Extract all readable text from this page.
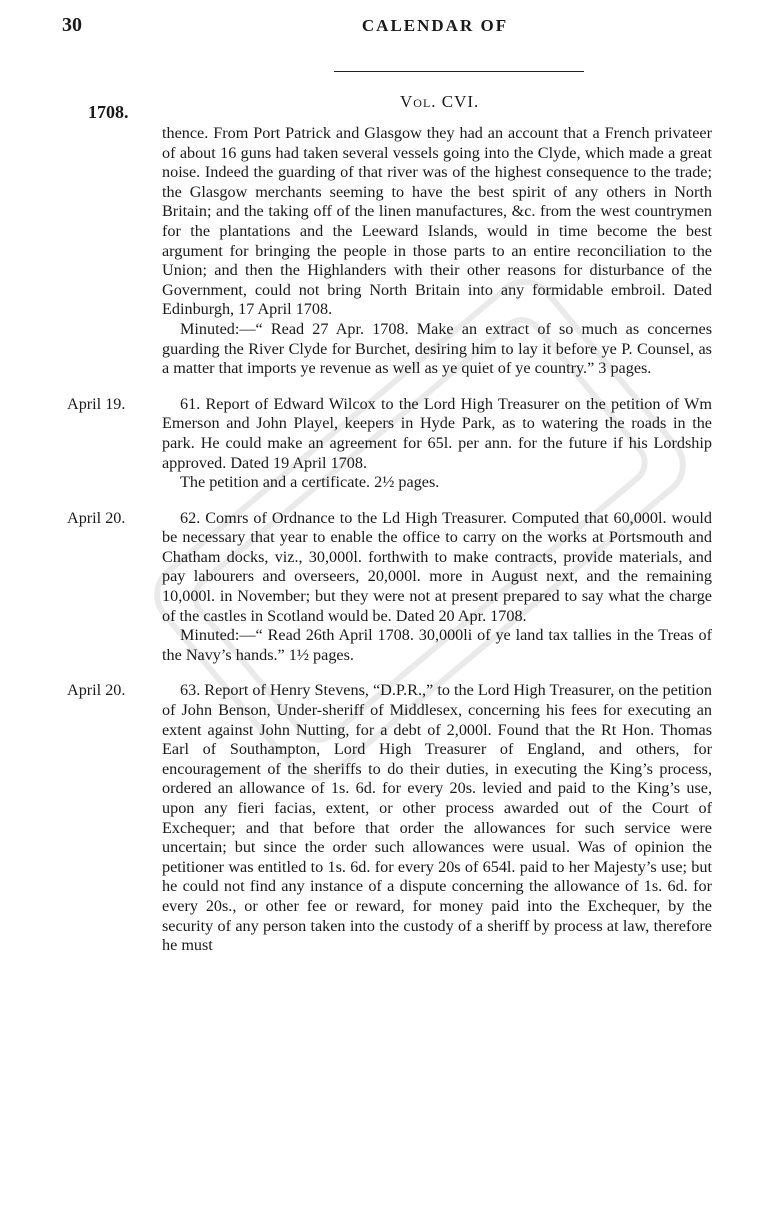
30	CALENDAR OF
1708.
Vol. CVI.

thence. From Port Patrick and Glasgow they had an account that a French privateer of about 16 guns had taken several vessels going into the Clyde, which made a great noise. Indeed the guarding of that river was of the highest consequence to the trade; the Glasgow merchants seeming to have the best spirit of any others in North Britain; and the taking off of the linen manufactures, &c. from the west countrymen for the plantations and the Leeward Islands, would in time become the best argument for bringing the people in those parts to an entire reconciliation to the Union; and then the Highlanders with their other reasons for disturbance of the Government, could not bring North Britain into any formidable embroil. Dated Edinburgh, 17 April 1708.

Minuted:—“ Read 27 Apr. 1708. Make an extract of so much as concernes guarding the River Clyde for Burchet, desiring him to lay it before ye P. Counsel, as a matter that imports ye revenue as well as ye quiet of ye country.” 3 pages.

April 19.	61. Report of Edward Wilcox to the Lord High Treasurer on the petition of Wm Emerson and John Playel, keepers in Hyde Park, as to watering the roads in the park. He could make an agreement for 65l. per ann. for the future if his Lordship approved. Dated 19 April 1708.

The petition and a certificate. 2½ pages.

April 20.	62. Comrs of Ordnance to the Ld High Treasurer. Computed that 60,000l. would be necessary that year to enable the office to carry on the works at Portsmouth and Chatham docks, viz., 30,000l. forthwith to make contracts, provide materials, and pay labourers and overseers, 20,000l. more in August next, and the remaining 10,000l. in November; but they were not at present prepared to say what the charge of the castles in Scotland would be. Dated 20 Apr. 1708.

Minuted:—“ Read 26th April 1708. 30,000li of ye land tax tallies in the Treas of the Navy’s hands.” 1½ pages.

April 20.	63. Report of Henry Stevens, “D.P.R.,” to the Lord High Treasurer, on the petition of John Benson, Under-sheriff of Middlesex, concerning his fees for executing an extent against John Nutting, for a debt of 2,000l. Found that the Rt Hon. Thomas Earl of Southampton, Lord High Treasurer of England, and others, for encouragement of the sheriffs to do their duties, in executing the King’s process, ordered an allowance of 1s. 6d. for every 20s. levied and paid to the King’s use, upon any fieri facias, extent, or other process awarded out of the Court of Exchequer; and that before that order the allowances for such service were uncertain; but since the order such allowances were usual. Was of opinion the petitioner was entitled to 1s. 6d. for every 20s of 654l. paid to her Majesty’s use; but he could not find any instance of a dispute concerning the allowance of 1s. 6d. for every 20s., or other fee or reward, for money paid into the Exchequer, by the security of any person taken into the custody of a sheriff by process at law, therefore he must
